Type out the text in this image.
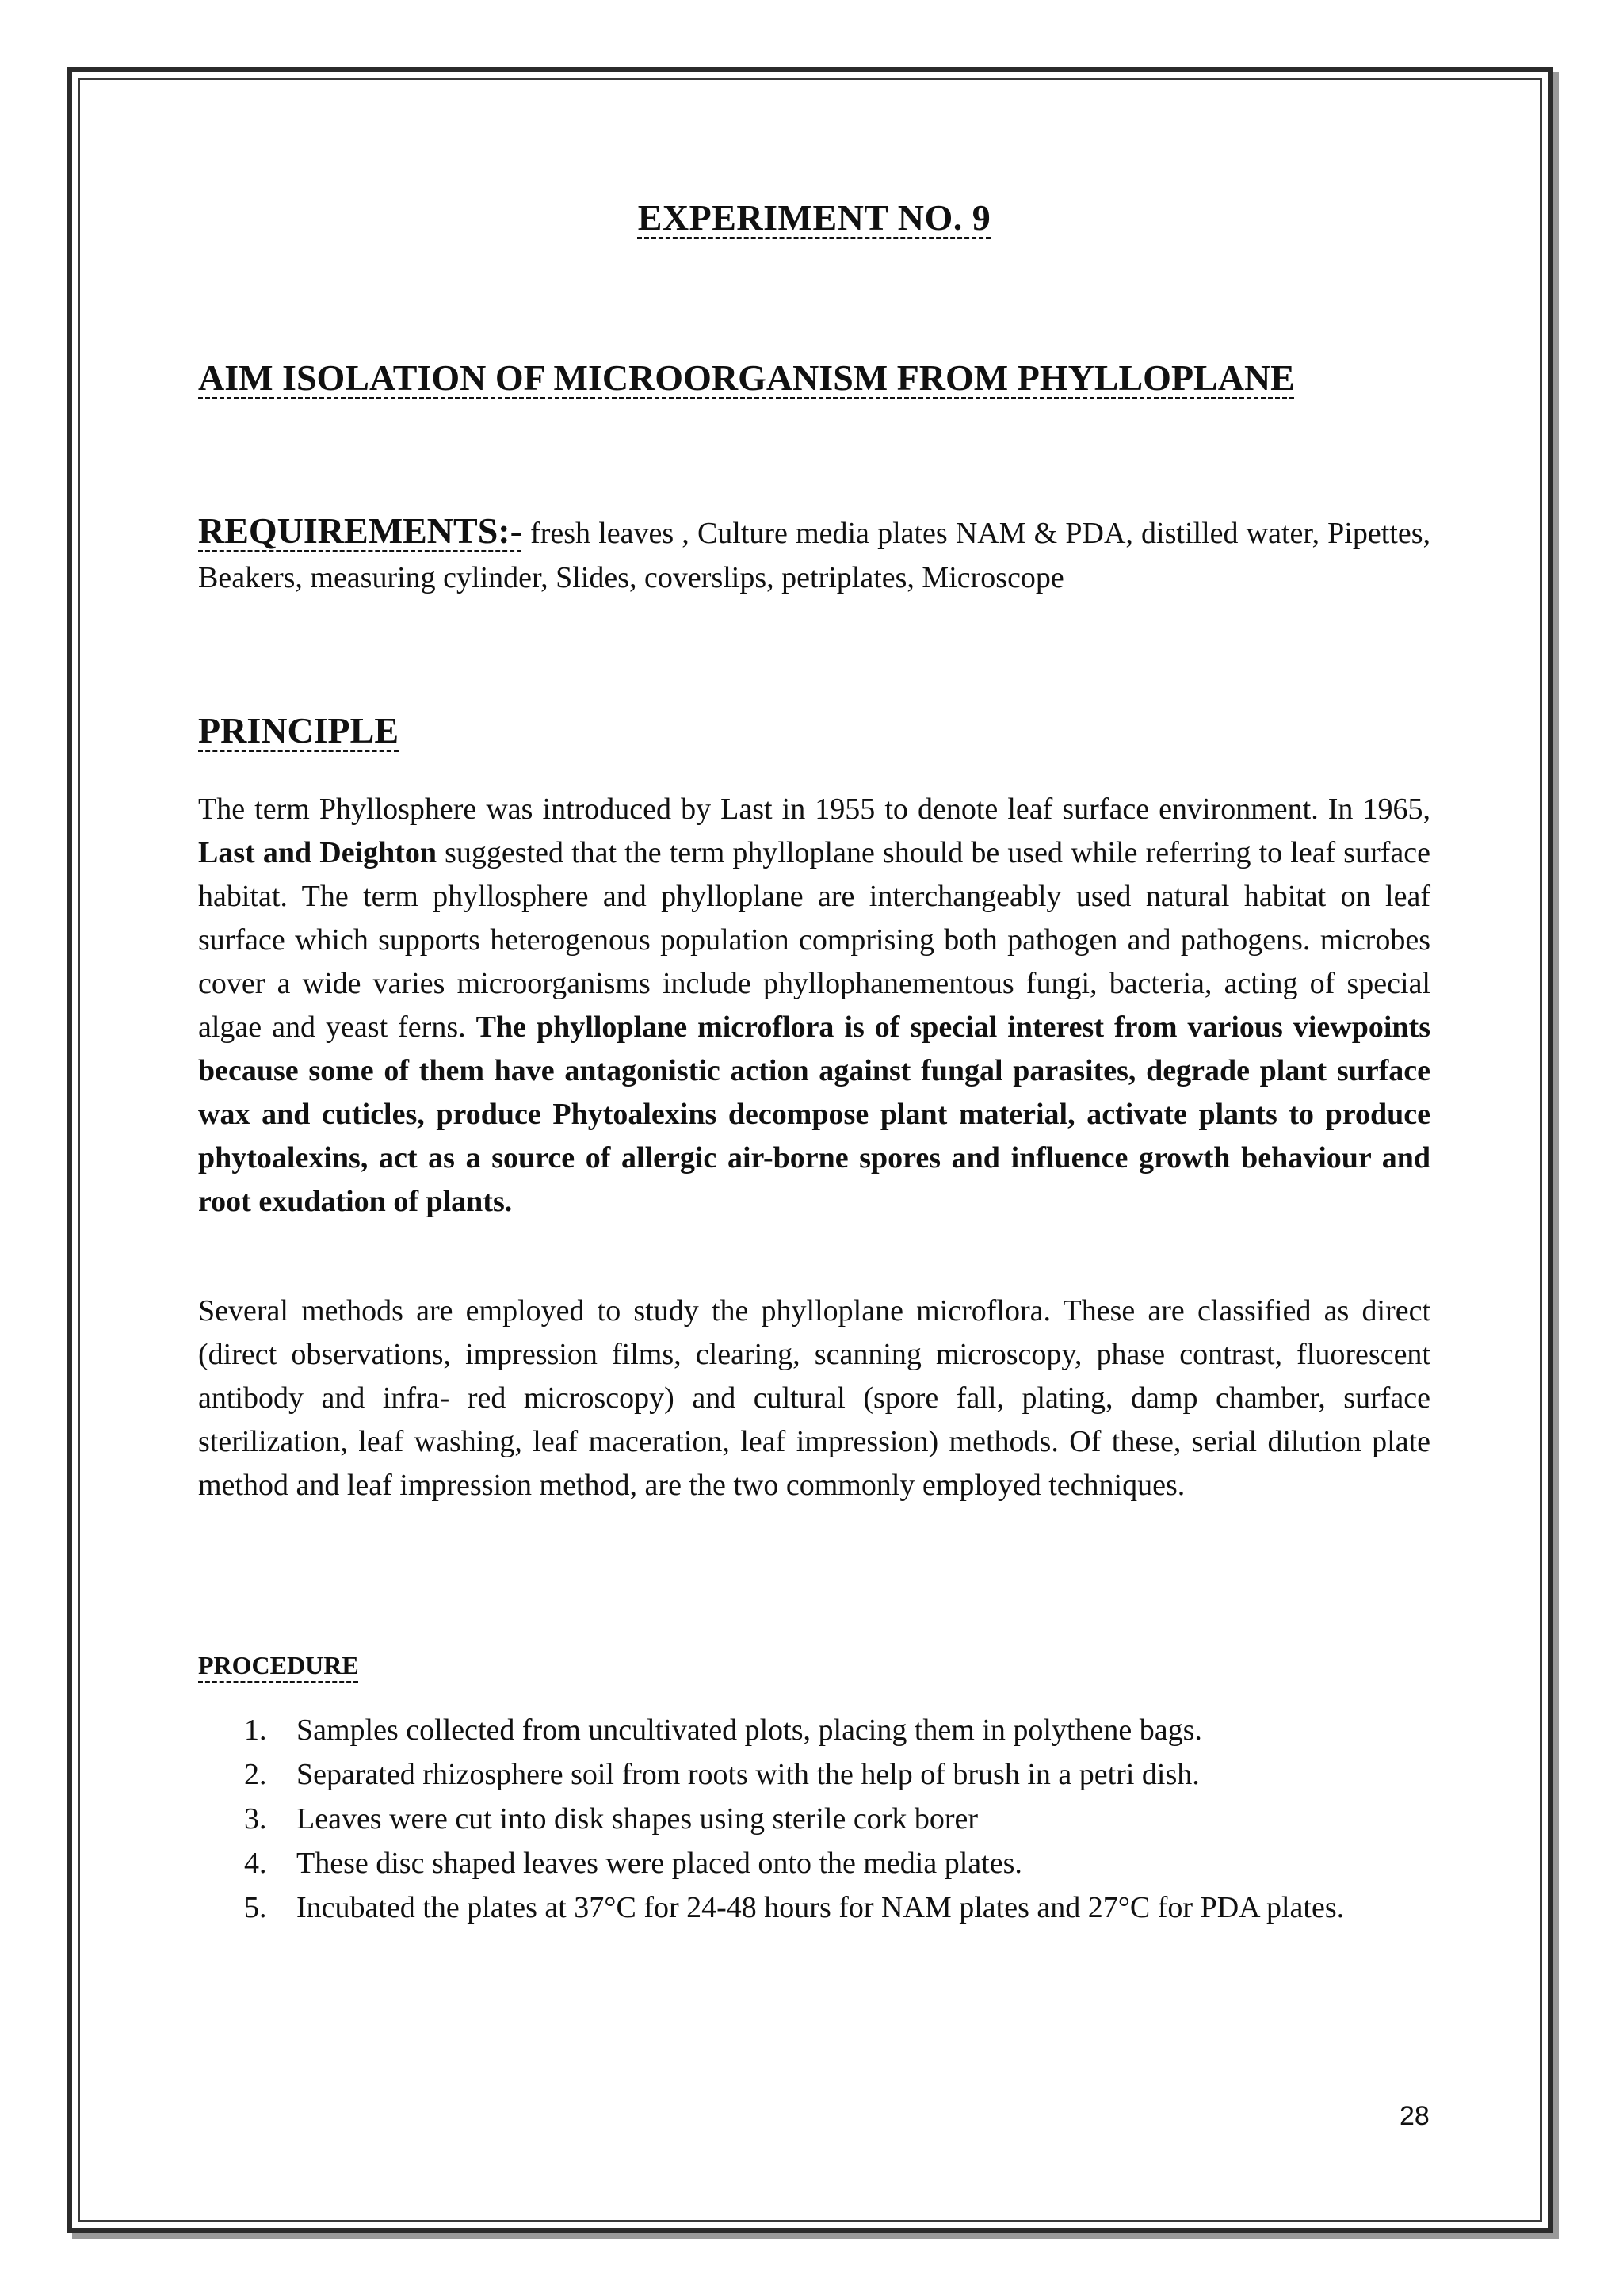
EXPERIMENT NO. 9
AIM ISOLATION OF MICROORGANISM FROM PHYLLOPLANE
REQUIREMENTS:- fresh leaves , Culture media plates NAM & PDA, distilled water, Pipettes, Beakers, measuring cylinder, Slides, coverslips, petriplates, Microscope
PRINCIPLE

The term Phyllosphere was introduced by Last in 1955 to denote leaf surface environment. In 1965, Last and Deighton suggested that the term phylloplane should be used while referring to leaf surface habitat. The term phyllosphere and phylloplane are interchangeably used natural habitat on leaf surface which supports heterogenous population comprising both pathogen and pathogens. microbes cover a wide varies microorganisms include phyllophanementous fungi, bacteria, acting of special algae and yeast ferns. The phylloplane microflora is of special interest from various viewpoints because some of them have antagonistic action against fungal parasites, degrade plant surface wax and cuticles, produce Phytoalexins decompose plant material, activate plants to produce phytoalexins, act as a source of allergic air-borne spores and influence growth behaviour and root exudation of plants.

Several methods are employed to study the phylloplane microflora. These are classified as direct (direct observations, impression films, clearing, scanning microscopy, phase contrast, fluorescent antibody and infra- red microscopy) and cultural (spore fall, plating, damp chamber, surface sterilization, leaf washing, leaf maceration, leaf impression) methods. Of these, serial dilution plate method and leaf impression method, are the two commonly employed techniques.

PROCEDURE
1. Samples collected from uncultivated plots, placing them in polythene bags.
2. Separated rhizosphere soil from roots with the help of brush in a petri dish.
3. Leaves were cut into disk shapes using sterile cork borer
4. These disc shaped leaves were placed onto the media plates.
5. Incubated the plates at 37°C for 24-48 hours for NAM plates and 27°C for PDA plates.
28
